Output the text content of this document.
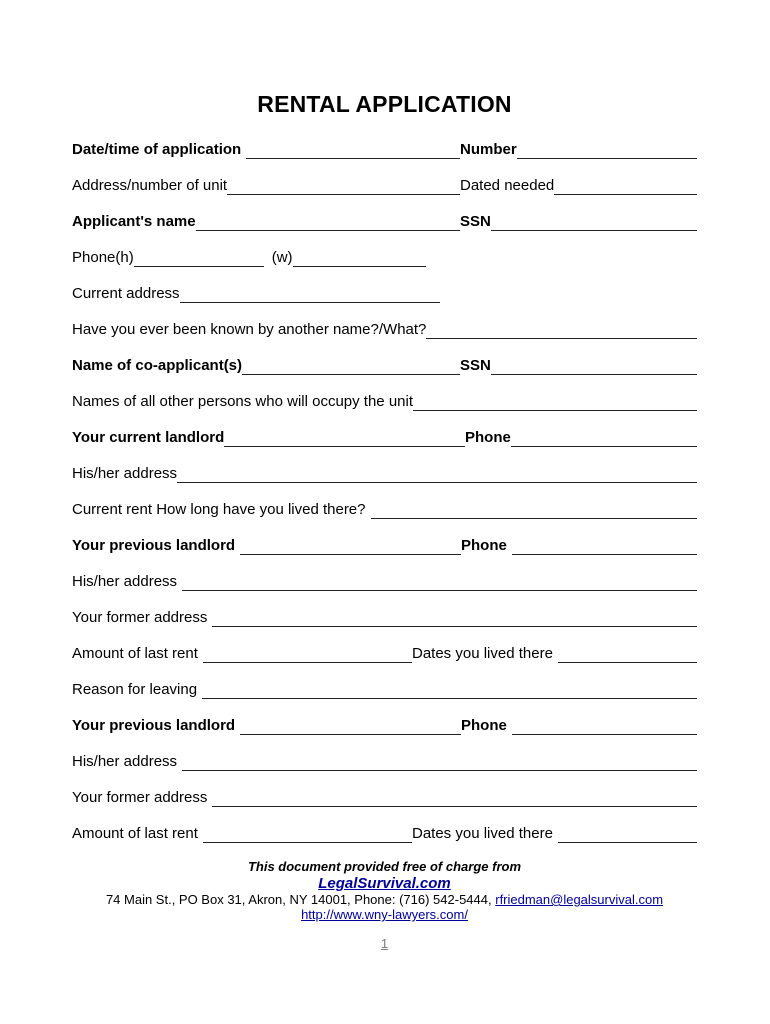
RENTAL APPLICATION
Date/time of application	Number
Address/number of unit	Dated needed
Applicant's name	SSN
Phone(h)	(w)
Current address
Have you ever been known by another name?/What?
Name of co-applicant(s)	SSN
Names of all other persons who will occupy the unit
Your current landlord	Phone
His/her address
Current rent How long have you lived there?
Your previous landlord	Phone
His/her address
Your former address
Amount of last rent	Dates you lived there
Reason for leaving
Your previous landlord	Phone
His/her address
Your former address
Amount of last rent	Dates you lived there
This document provided free of charge from
LegalSurvival.com
74 Main St., PO Box 31, Akron, NY 14001, Phone: (716) 542-5444, rfriedman@legalsurvival.com
http://www.wny-lawyers.com/
1
